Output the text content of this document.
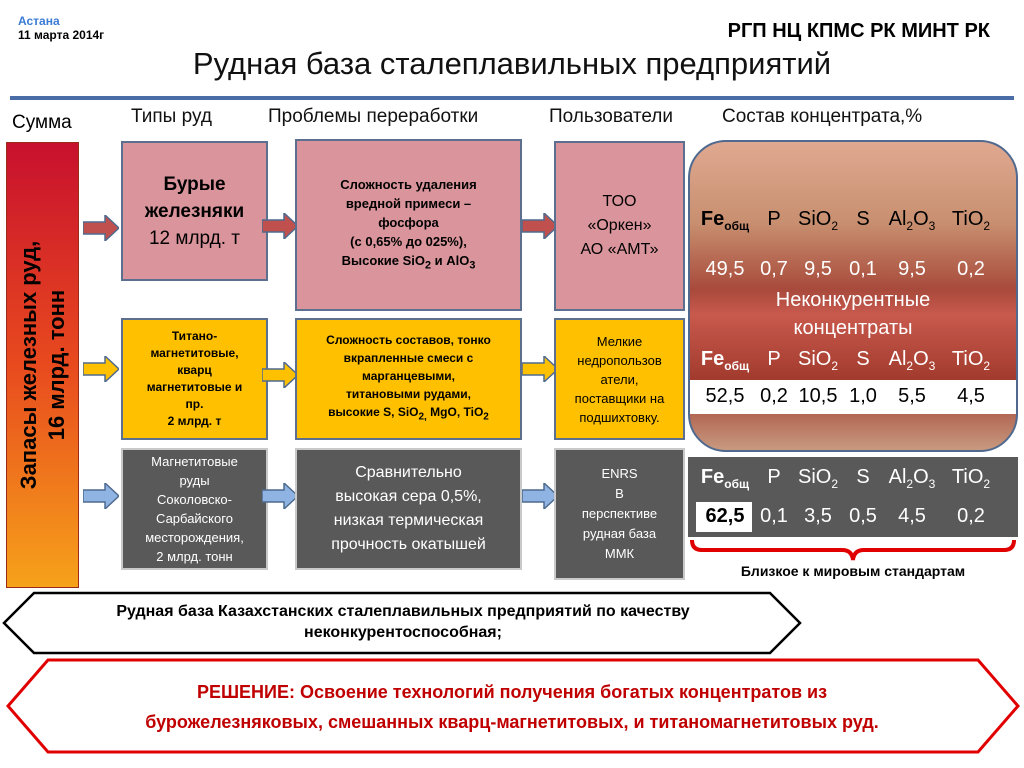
Астана
11 марта 2014г	РГП НЦ КПМС РК МИНТ РК
Рудная база сталеплавильных предприятий
Сумма	Типы руд	Проблемы переработки	Пользователи	Состав концентрата,%
Запасы железных руд, 16 млрд. тонн
Бурые
железняки
12 млрд. т
Сложность удаления
вредной примеси –
фосфора
(с 0,65% до 025%),
Высокие SiO$_2$ и AlO$_3$
ТОО
«Оркен»
АО «АМТ»
Титано-
магнетитовые,
кварц
магнетитовые и
пр.
2 млрд. т
Сложность составов, тонко
вкрапленные смеси с
марганцевыми,
титановыми рудами,
высокие S, SiO$_{2,}$ MgO, TiO$_2$
Мелкие
недропользов
атели,
поставщики на
подшихтовку.
Магнетитовые
руды
Соколовско-
Сарбайского
месторождения,
2 млрд. тонн
Сравнительно
высокая сера 0,5%,
низкая термическая
прочность окатышей
ENRS
В
перспективе
рудная база
ММК
$Fe_{общ}$ P SiO$_2$ S $Al_2O_3$ TiO$_2$
49,5 0,7 9,5 0,1	9,5	0,2
Неконкурентные
концентраты
$Fe_{общ}$ P SiO$_2$ S $Al_2O_3$ TiO$_2$
52,5 0,2 10,5 1,0	5,5	4,5
$Fe_{общ}$ P SiO$_2$ S $Al_2O_3$ TiO$_2$
62,5 0,1 3,5 0,5	4,5	0,2
Близкое к мировым стандартам
Рудная база Казахстанских сталеплавильных предприятий по качеству
неконкурентоспособная;
РЕШЕНИЕ: Освоение технологий получения богатых концентратов из
бурожелезняковых, смешанных кварц-магнетитовых, и титаномагнетитовых руд.
